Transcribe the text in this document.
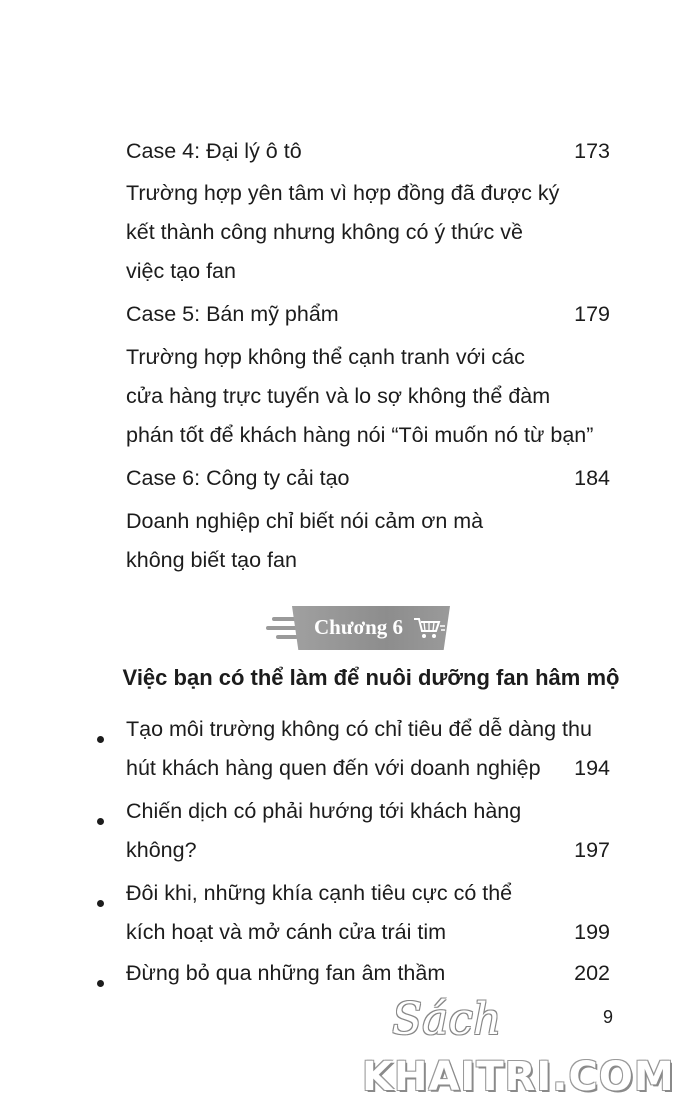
Case 4: Đại lý ô tô	173
Trường hợp yên tâm vì hợp đồng đã được ký
kết thành công nhưng không có ý thức về
việc tạo fan
Case 5: Bán mỹ phẩm	179
Trường hợp không thể cạnh tranh với các
cửa hàng trực tuyến và lo sợ không thể đàm
phán tốt để khách hàng nói “Tôi muốn nó từ bạn”
Case 6: Công ty cải tạo	184
Doanh nghiệp chỉ biết nói cảm ơn mà
không biết tạo fan
Chương 6
Việc bạn có thể làm để nuôi dưỡng fan hâm mộ
Tạo môi trường không có chỉ tiêu để dễ dàng thu
hút khách hàng quen đến với doanh nghiệp	194
Chiến dịch có phải hướng tới khách hàng
không?	197
Đôi khi, những khía cạnh tiêu cực có thể
kích hoạt và mở cánh cửa trái tim	199
Đừng bỏ qua những fan âm thầm	202
9
Sách
KHAITRI.COM
